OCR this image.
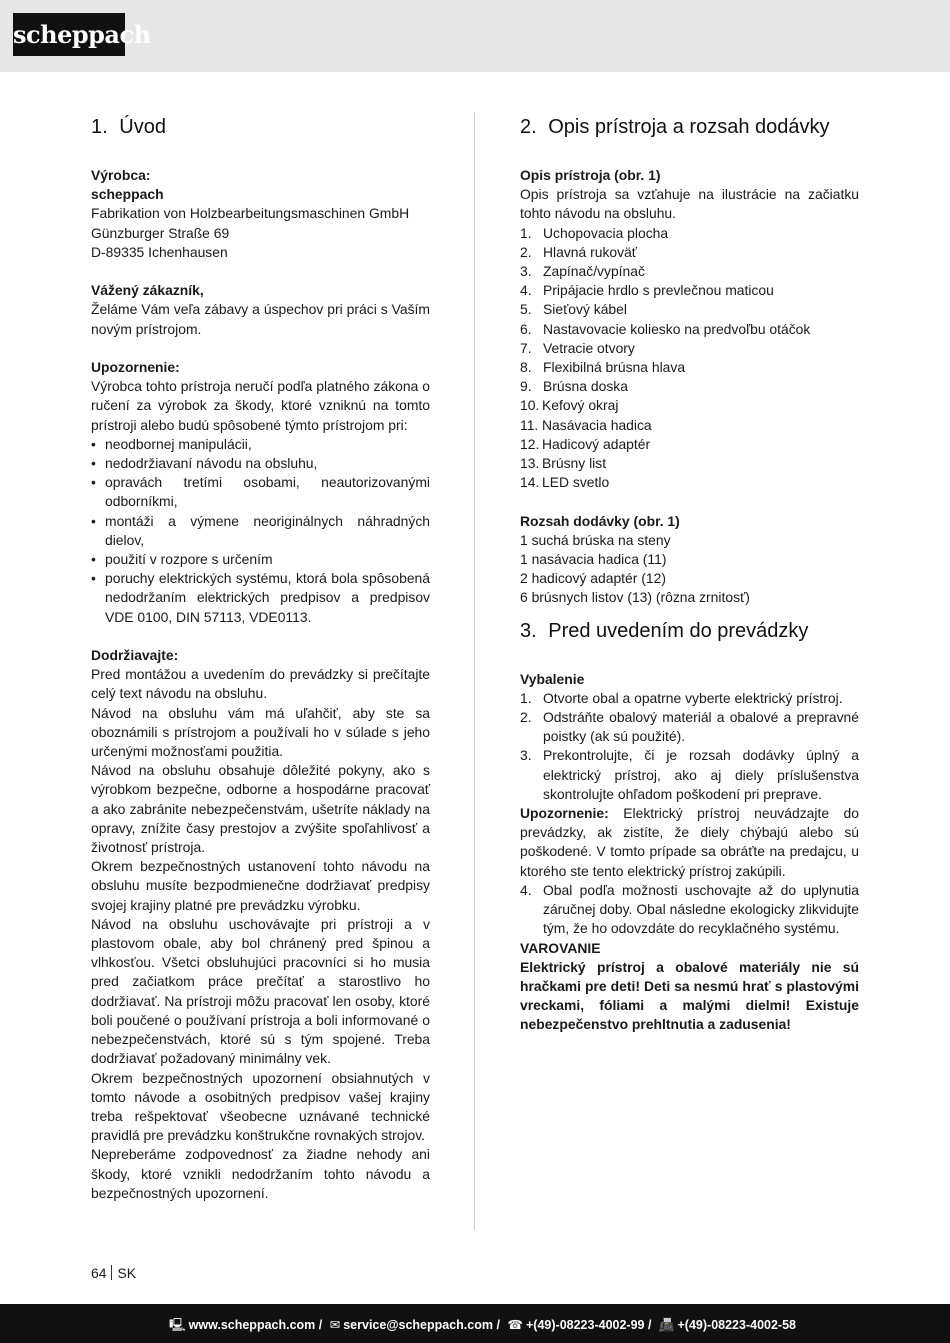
scheppach
1. Úvod

Výrobca:

scheppach

Fabrikation von Holzbearbeitungsmaschinen GmbH

Günzburger Straße 69

D-89335 Ichenhausen

Vážený zákazník,

Želáme Vám veľa zábavy a úspechov pri práci s Vaším novým prístrojom.

Upozornenie:

Výrobca tohto prístroja neručí podľa platného zákona o ručení za výrobok za škody, ktoré vzniknú na tomto prístroji alebo budú spôsobené týmto prístrojom pri:

• neodbornej manipulácii,
• nedodržiavaní návodu na obsluhu,
• opravách tretími osobami, neautorizovanými odborníkmi,
• montáži a výmene neoriginálnych náhradných dielov,
• použití v rozpore s určením
• poruchy elektrických systému, ktorá bola spôsobená nedodržaním elektrických predpisov a predpisov VDE 0100, DIN 57113, VDE0113.

Dodržiavajte:

Pred montážou a uvedením do prevádzky si prečítajte celý text návodu na obsluhu.

Návod na obsluhu vám má uľahčiť, aby ste sa oboznámili s prístrojom a používali ho v súlade s jeho určenými možnosťami použitia.

Návod na obsluhu obsahuje dôležité pokyny, ako s výrobkom bezpečne, odborne a hospodárne pracovať a ako zabránite nebezpečenstvám, ušetríte náklady na opravy, znížite časy prestojov a zvýšite spoľahlivosť a životnosť prístroja.

Okrem bezpečnostných ustanovení tohto návodu na obsluhu musíte bezpodmienečne dodržiavať predpisy svojej krajiny platné pre prevádzku výrobku.

Návod na obsluhu uschovávajte pri prístroji a v plastovom obale, aby bol chránený pred špinou a vlhkosťou. Všetci obsluhujúci pracovníci si ho musia pred začiatkom práce prečítať a starostlivo ho dodržiavať. Na prístroji môžu pracovať len osoby, ktoré boli poučené o používaní prístroja a boli informované o nebezpečenstvách, ktoré sú s tým spojené. Treba dodržiavať požadovaný minimálny vek.

Okrem bezpečnostných upozornení obsiahnutých v tomto návode a osobitných predpisov vašej krajiny treba rešpektovať všeobecne uznávané technické pravidlá pre prevádzku konštrukčne rovnakých strojov.

Nepreberáme zodpovednosť za žiadne nehody ani škody, ktoré vznikli nedodržaním tohto návodu a bezpečnostných upozornení.

2. Opis prístroja a rozsah dodávky

Opis prístroja (obr. 1)

Opis prístroja sa vzťahuje na ilustrácie na začiatku tohto návodu na obsluhu.

1. Uchopovacia plocha
2. Hlavná rukoväť
3. Zapínač/vypínač
4. Pripájacie hrdlo s prevlečnou maticou
5. Sieťový kábel
6. Nastavovacie koliesko na predvoľbu otáčok
7. Vetracie otvory
8. Flexibilná brúsna hlava
9. Brúsna doska
10. Kefový okraj
11. Nasávacia hadica
12. Hadicový adaptér
13. Brúsny list
14. LED svetlo

Rozsah dodávky (obr. 1)

1 suchá brúska na steny

1 nasávacia hadica (11)

2 hadicový adaptér (12)

6 brúsnych listov (13) (rôzna zrnitosť)

3. Pred uvedením do prevádzky

Vybalenie

1. Otvorte obal a opatrne vyberte elektrický prístroj.
2. Odstráňte obalový materiál a obalové a prepravné poistky (ak sú použité).
3. Prekontrolujte, či je rozsah dodávky úplný a elektrický prístroj, ako aj diely príslušenstva skontrolujte ohľadom poškodení pri preprave.

Upozornenie: Elektrický prístroj neuvádzajte do prevádzky, ak zistíte, že diely chýbajú alebo sú poškodené. V tomto prípade sa obráťte na predajcu, u ktorého ste tento elektrický prístroj zakúpili.

4. Obal podľa možnosti uschovajte až do uplynutia záručnej doby. Obal následne ekologicky zlikvidujte tým, že ho odovzdáte do recyklačného systému.

VAROVANIE

Elektrický prístroj a obalové materiály nie sú hračkami pre deti! Deti sa nesmú hrať s plastovými vreckami, fóliami a malými dielmi! Existuje nebezpečenstvo prehltnutia a zadusenia!

64 SK
🖳 www.scheppach.com / ✉ service@scheppach.com / ☎ +(49)-08223-4002-99 / 📠 +(49)-08223-4002-58
